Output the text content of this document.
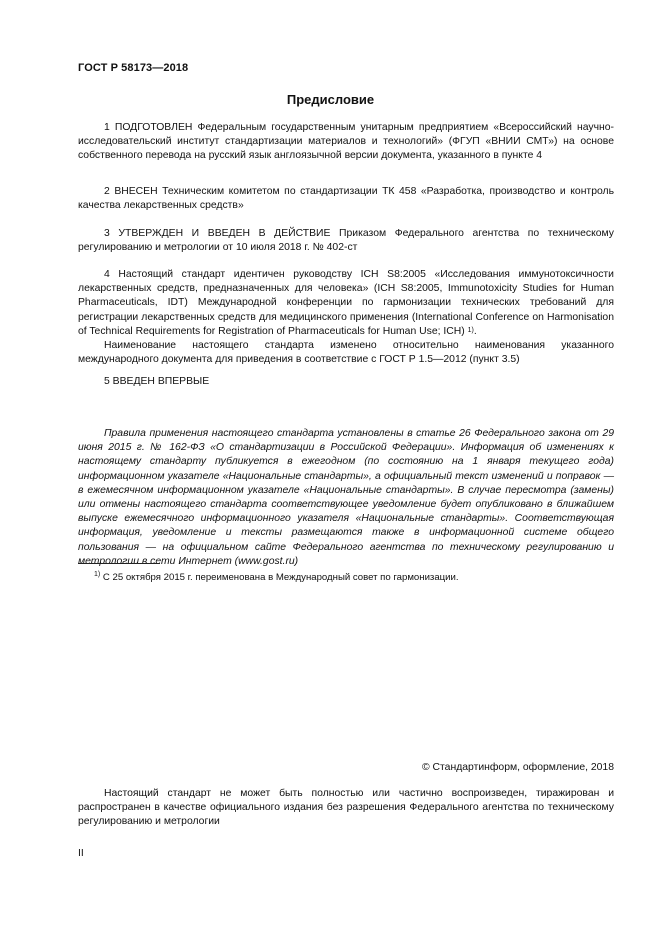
ГОСТ Р 58173—2018
Предисловие

1 ПОДГОТОВЛЕН Федеральным государственным унитарным предприятием «Всероссийский научно-исследовательский институт стандартизации материалов и технологий» (ФГУП «ВНИИ СМТ») на основе собственного перевода на русский язык англоязычной версии документа, указанного в пункте 4

2 ВНЕСЕН Техническим комитетом по стандартизации ТК 458 «Разработка, производство и контроль качества лекарственных средств»

3 УТВЕРЖДЕН И ВВЕДЕН В ДЕЙСТВИЕ Приказом Федерального агентства по техническому регулированию и метрологии от 10 июля 2018 г. № 402-ст

4 Настоящий стандарт идентичен руководству ICH S8:2005 «Исследования иммунотоксичности лекарственных средств, предназначенных для человека» (ICH S8:2005, Immunotoxicity Studies for Human Pharmaceuticals, IDT) Международной конференции по гармонизации технических требований для регистрации лекарственных средств для медицинского применения (International Conference on Harmonisation of Technical Requirements for Registration of Pharmaceuticals for Human Use; ICH) $^{1)}$.

Наименование настоящего стандарта изменено относительно наименования указанного международного документа для приведения в соответствие с ГОСТ Р 1.5—2012 (пункт 3.5)

5 ВВЕДЕН ВПЕРВЫЕ

Правила применения настоящего стандарта установлены в статье 26 Федерального закона от 29 июня 2015 г. № 162-ФЗ «О стандартизации в Российской Федерации». Информация об изменениях к настоящему стандарту публикуется в ежегодном (по состоянию на 1 января текущего года) информационном указателе «Национальные стандарты», а официальный текст изменений и поправок — в ежемесячном информационном указателе «Национальные стандарты». В случае пересмотра (замены) или отмены настоящего стандарта соответствующее уведомление будет опубликовано в ближайшем выпуске ежемесячного информационного указателя «Национальные стандарты». Соответствующая информация, уведомление и тексты размещаются также в информационной системе общего пользования — на официальном сайте Федерального агентства по техническому регулированию и метрологии в сети Интернет (www.gost.ru)

$^{1)}$ С 25 октября 2015 г. переименована в Международный совет по гармонизации.
© Стандартинформ, оформление, 2018

Настоящий стандарт не может быть полностью или частично воспроизведен, тиражирован и распространен в качестве официального издания без разрешения Федерального агентства по техническому регулированию и метрологии

II
